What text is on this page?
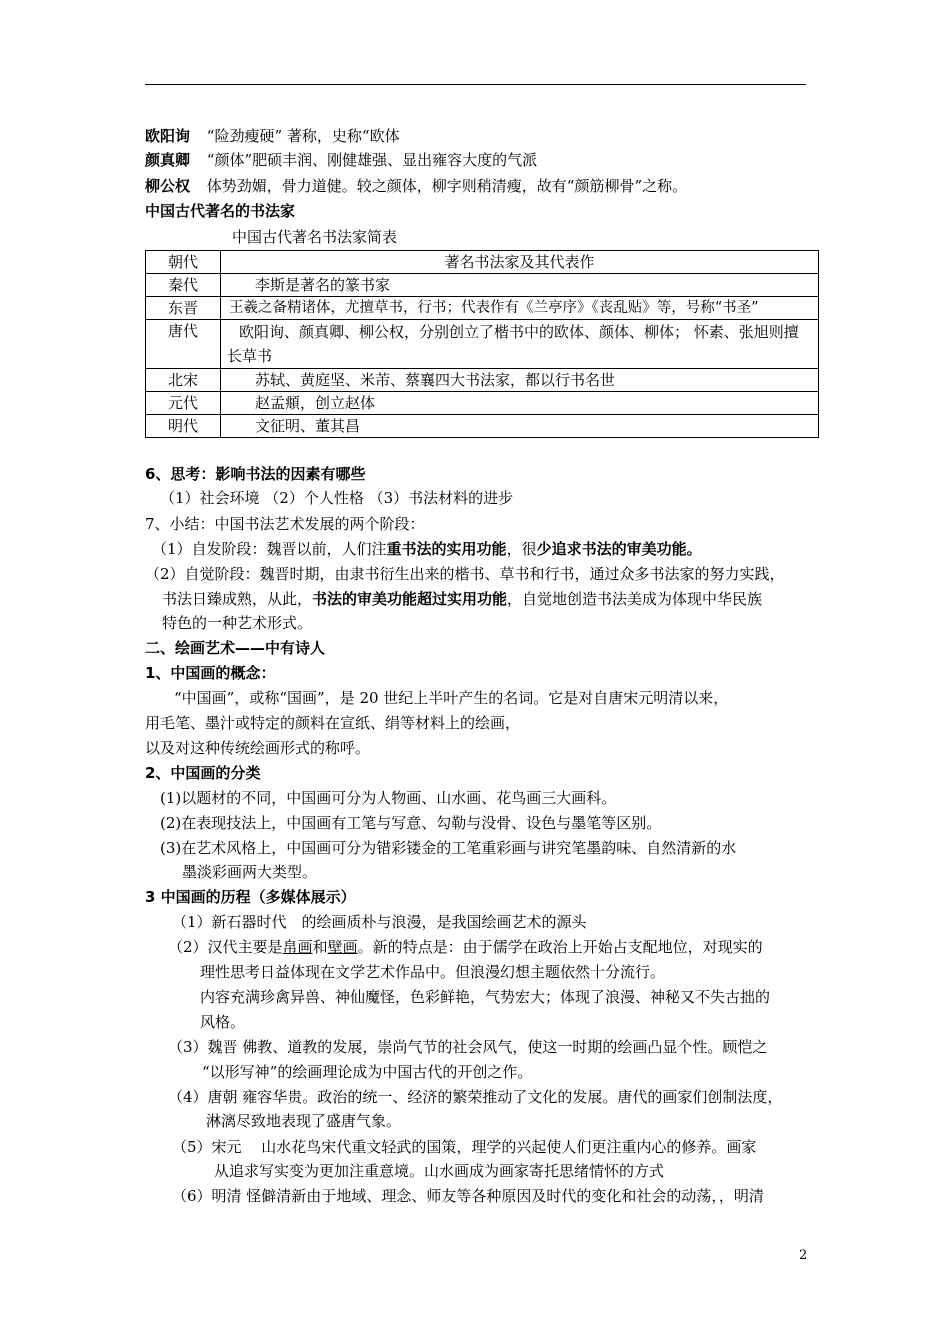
欧阳询 “险劲瘦硬” 著称，史称“欧体
颜真卿 “颜体”肥硕丰润、刚健雄强、显出雍容大度的气派
柳公权 体势劲媚，骨力道健。较之颜体，柳字则稍清瘦，故有“颜筋柳骨”之称。
中国古代著名的书法家
中国古代著名书法家简表
朝代	著名书法家及其代表作
秦代	李斯是著名的篆书家
东晋	王羲之备精诸体，尤擅草书，行书；代表作有《兰亭序》《丧乱贴》等，号称“书圣”
唐代	欧阳询、颜真卿、柳公权，分别创立了楷书中的欧体、颜体、柳体； 怀素、张旭则擅长草书
北宋	苏轼、黄庭坚、米芾、蔡襄四大书法家，都以行书名世
元代	赵孟頫，创立赵体
明代	文征明、董其昌
6、思考：影响书法的因素有哪些
（1）社会环境 （2）个人性格 （3）书法材料的进步
7、小结：中国书法艺术发展的两个阶段：
（1）自发阶段：魏晋以前，人们注重书法的实用功能，很少追求书法的审美功能。
（2）自觉阶段：魏晋时期，由隶书衍生出来的楷书、草书和行书，通过众多书法家的努力实践，
书法日臻成熟，从此，书法的审美功能超过实用功能，自觉地创造书法美成为体现中华民族
特色的一种艺术形式。
二、绘画艺术——中有诗人
1、中国画的概念：
“中国画”，或称“国画”，是 20 世纪上半叶产生的名词。它是对自唐宋元明清以来，
用毛笔、墨汁或特定的颜料在宣纸、绢等材料上的绘画，
以及对这种传统绘画形式的称呼。
2、中国画的分类
(1)以题材的不同，中国画可分为人物画、山水画、花鸟画三大画科。
(2)在表现技法上，中国画有工笔与写意、勾勒与没骨、设色与墨笔等区别。
(3)在艺术风格上，中国画可分为错彩镂金的工笔重彩画与讲究笔墨韵味、自然清新的水
墨淡彩画两大类型。
3 中国画的历程（多媒体展示）
（1）新石器时代　的绘画质朴与浪漫，是我国绘画艺术的源头
（2）汉代主要是帛画和壁画。新的特点是：由于儒学在政治上开始占支配地位，对现实的
理性思考日益体现在文学艺术作品中。但浪漫幻想主题依然十分流行。
内容充满珍禽异兽、神仙魔怪，色彩鲜艳，气势宏大；体现了浪漫、神秘又不失古拙的
风格。
（3）魏晋 佛教、道教的发展，崇尚气节的社会风气，使这一时期的绘画凸显个性。顾恺之
“以形写神”的绘画理论成为中国古代的开创之作。
（4）唐朝 雍容华贵。政治的统一、经济的繁荣推动了文化的发展。唐代的画家们创制法度，
淋漓尽致地表现了盛唐气象。
（5）宋元　 山水花鸟宋代重文轻武的国策，理学的兴起使人们更注重内心的修养。画家
从追求写实变为更加注重意境。山水画成为画家寄托思绪情怀的方式
（6）明清 怪僻清新由于地域、理念、师友等各种原因及时代的变化和社会的动荡，，明清
2
